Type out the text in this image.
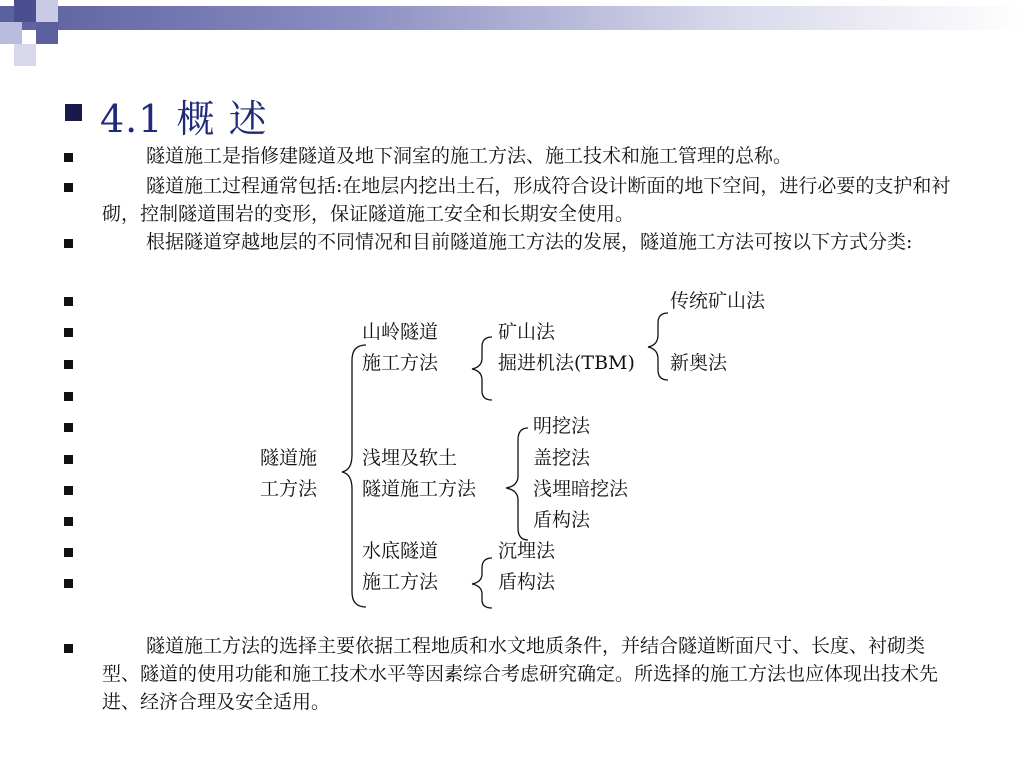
4.1 概 述
隧道施工是指修建隧道及地下洞室的施工方法、施工技术和施工管理的总称。
隧道施工过程通常包括:在地层内挖出土石，形成符合设计断面的地下空间，进行必要的支护和衬砌，控制隧道围岩的变形，保证隧道施工安全和长期安全使用。
根据隧道穿越地层的不同情况和目前隧道施工方法的发展，隧道施工方法可按以下方式分类:
隧道施工方法的选择主要依据工程地质和水文地质条件，并结合隧道断面尺寸、长度、衬砌类型、隧道的使用功能和施工技术水平等因素综合考虑研究确定。所选择的施工方法也应体现出技术先进、经济合理及安全适用。
传统矿山法
山岭隧道	矿山法
施工方法	掘进机法(TBM) 新奥法
明挖法
隧道施 浅埋及软土	盖挖法
工方法 隧道施工方法	浅埋暗挖法
盾构法
水底隧道	沉埋法
施工方法	盾构法
